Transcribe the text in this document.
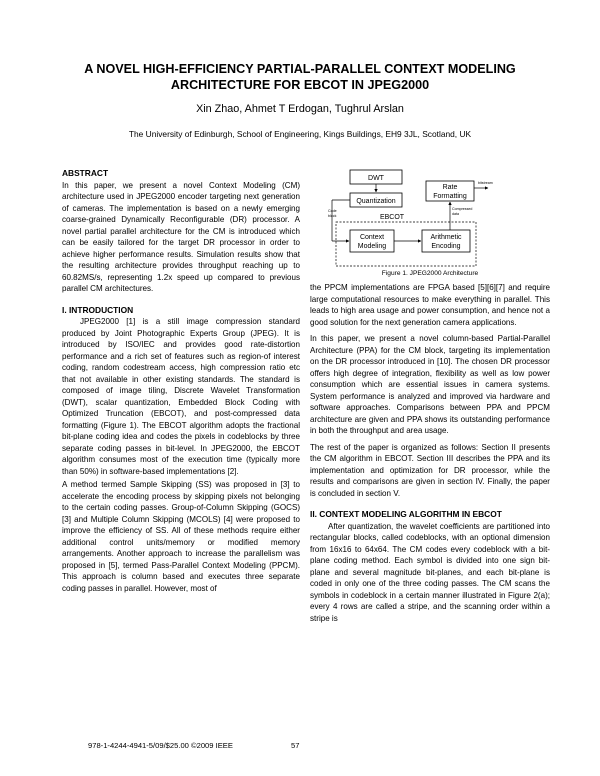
A NOVEL HIGH-EFFICIENCY PARTIAL-PARALLEL CONTEXT MODELING ARCHITECTURE FOR EBCOT IN JPEG2000
Xin Zhao, Ahmet T Erdogan, Tughrul Arslan
The University of Edinburgh, School of Engineering, Kings Buildings, EH9 3JL, Scotland, UK
ABSTRACT

In this paper, we present a novel Context Modeling (CM) architecture used in JPEG2000 encoder targeting next generation of cameras. The implementation is based on a newly emerging coarse-grained Dynamically Reconfigurable (DR) processor. A novel partial parallel architecture for the CM is introduced which can be easily tailored for the target DR processor in order to achieve higher performance results. Simulation results show that the resulting architecture provides throughput reaching up to 60.82MS/s, representing 1.2x speed up compared to previous parallel CM architectures.

I. INTRODUCTION

JPEG2000 [1] is a still image compression standard produced by Joint Photographic Experts Group (JPEG). It is introduced by ISO/IEC and provides good rate-distortion performance and a rich set of features such as region-of interest coding, random codestream access, high compression ratio etc that not available in other existing standards. The standard is composed of image tiling, Discrete Wavelet Transformation (DWT), scalar quantization, Embedded Block Coding with Optimized Truncation (EBCOT), and post-compressed data formatting (Figure 1). The EBCOT algorithm adopts the fractional bit-plane coding idea and codes the pixels in codeblocks by three separate coding passes in bit-level. In JPEG2000, the EBCOT algorithm consumes most of the execution time (typically more than 50%) in software-based implementations [2].

A method termed Sample Skipping (SS) was proposed in [3] to accelerate the encoding process by skipping pixels not belonging to the certain coding passes. Group-of-Column Skipping (GOCS) [3] and Multiple Column Skipping (MCOLS) [4] were proposed to improve the efficiency of SS. All of these methods require either additional control units/memory or modified memory arrangements. Another approach to increase the parallelism was proposed in [5], termed Pass-Parallel Context Modeling (PPCM). This approach is column based and executes three separate coding passes in parallel. However, most of

DWT
Quantization
Rate
Formatting
bitstream
EBCOT
Context
Modeling
Arithmetic
Encoding
Code
block
Compressed
data
Figure 1. JPEG2000 Architecture

the PPCM implementations are FPGA based [5][6][7] and require large computational resources to make everything in parallel. This leads to high area usage and power consumption, and hence not a good solution for the next generation camera applications.

In this paper, we present a novel column-based Partial-Parallel Architecture (PPA) for the CM block, targeting its implementation on the DR processor introduced in [10]. The chosen DR processor offers high degree of integration, flexibility as well as low power consumption which are essential issues in camera systems. System performance is analyzed and improved via hardware and software approaches. Comparisons between PPA and PPCM architecture are given and PPA shows its outstanding performance in both the throughput and area usage.

The rest of the paper is organized as follows: Section II presents the CM algorithm in EBCOT. Section III describes the PPA and its implementation and optimization for DR processor, while the results and comparisons are given in section IV. Finally, the paper is concluded in section V.

II. CONTEXT MODELING ALGORITHM IN EBCOT

After quantization, the wavelet coefficients are partitioned into rectangular blocks, called codeblocks, with an optional dimension from 16x16 to 64x64. The CM codes every codeblock with a bit-plane coding method. Each symbol is divided into one sign bit-plane and several magnitude bit-planes, and each bit-plane is coded in only one of the three coding passes. The CM scans the symbols in codeblock in a certain manner illustrated in Figure 2(a); every 4 rows are called a stripe, and the scanning order within a stripe is

978-1-4244-4941-5/09/$25.00 ©2009 IEEE	57
